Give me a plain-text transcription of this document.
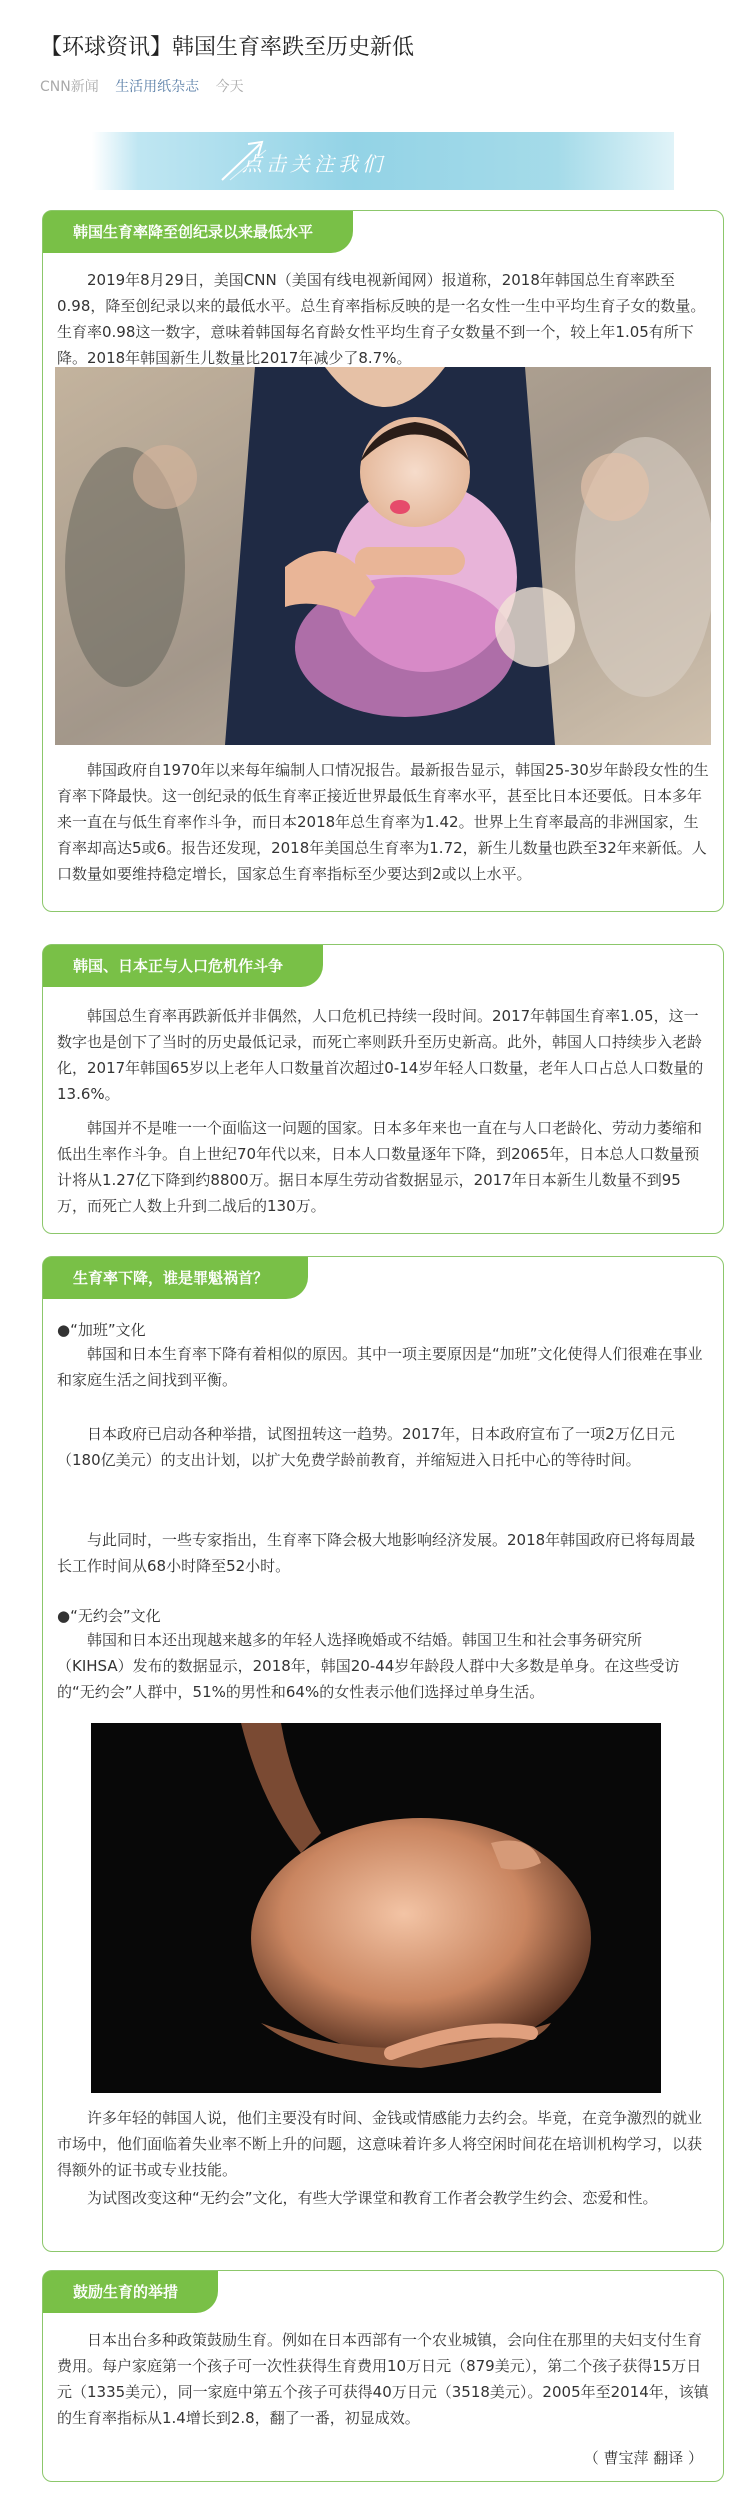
【环球资讯】韩国生育率跌至历史新低
CNN新闻 生活用纸杂志 今天
点击关注我们
韩国生育率降至创纪录以来最低水平
2019年8月29日，美国CNN（美国有线电视新闻网）报道称，2018年韩国总生育率跌至0.98，降至创纪录以来的最低水平。总生育率指标反映的是一名女性一生中平均生育子女的数量。生育率0.98这一数字，意味着韩国每名育龄女性平均生育子女数量不到一个，较上年1.05有所下降。2018年韩国新生儿数量比2017年减少了8.7%。
韩国政府自1970年以来每年编制人口情况报告。最新报告显示，韩国25-30岁年龄段女性的生育率下降最快。这一创纪录的低生育率正接近世界最低生育率水平，甚至比日本还要低。日本多年来一直在与低生育率作斗争，而日本2018年总生育率为1.42。世界上生育率最高的非洲国家，生育率却高达5或6。报告还发现，2018年美国总生育率为1.72，新生儿数量也跌至32年来新低。人口数量如要维持稳定增长，国家总生育率指标至少要达到2或以上水平。
韩国、日本正与人口危机作斗争
韩国总生育率再跌新低并非偶然，人口危机已持续一段时间。2017年韩国生育率1.05，这一数字也是创下了当时的历史最低记录，而死亡率则跃升至历史新高。此外，韩国人口持续步入老龄化，2017年韩国65岁以上老年人口数量首次超过0-14岁年轻人口数量，老年人口占总人口数量的13.6%。
韩国并不是唯一一个面临这一问题的国家。日本多年来也一直在与人口老龄化、劳动力萎缩和低出生率作斗争。自上世纪70年代以来，日本人口数量逐年下降，到2065年，日本总人口数量预计将从1.27亿下降到约8800万。据日本厚生劳动省数据显示，2017年日本新生儿数量不到95万，而死亡人数上升到二战后的130万。
生育率下降，谁是罪魁祸首？
●“加班”文化
韩国和日本生育率下降有着相似的原因。其中一项主要原因是“加班”文化使得人们很难在事业和家庭生活之间找到平衡。
日本政府已启动各种举措，试图扭转这一趋势。2017年，日本政府宣布了一项2万亿日元（180亿美元）的支出计划，以扩大免费学龄前教育，并缩短进入日托中心的等待时间。
与此同时，一些专家指出，生育率下降会极大地影响经济发展。2018年韩国政府已将每周最长工作时间从68小时降至52小时。
●“无约会”文化
韩国和日本还出现越来越多的年轻人选择晚婚或不结婚。韩国卫生和社会事务研究所（KIHSA）发布的数据显示，2018年，韩国20-44岁年龄段人群中大多数是单身。在这些受访的“无约会”人群中，51%的男性和64%的女性表示他们选择过单身生活。
许多年轻的韩国人说，他们主要没有时间、金钱或情感能力去约会。毕竟，在竞争激烈的就业市场中，他们面临着失业率不断上升的问题，这意味着许多人将空闲时间花在培训机构学习，以获得额外的证书或专业技能。
为试图改变这种“无约会”文化，有些大学课堂和教育工作者会教学生约会、恋爱和性。
鼓励生育的举措
日本出台多种政策鼓励生育。例如在日本西部有一个农业城镇，会向住在那里的夫妇支付生育费用。每户家庭第一个孩子可一次性获得生育费用10万日元（879美元），第二个孩子获得15万日元（1335美元），同一家庭中第五个孩子可获得40万日元（3518美元）。2005年至2014年，该镇的生育率指标从1.4增长到2.8，翻了一番，初显成效。
（ 曹宝萍 翻译 ）
